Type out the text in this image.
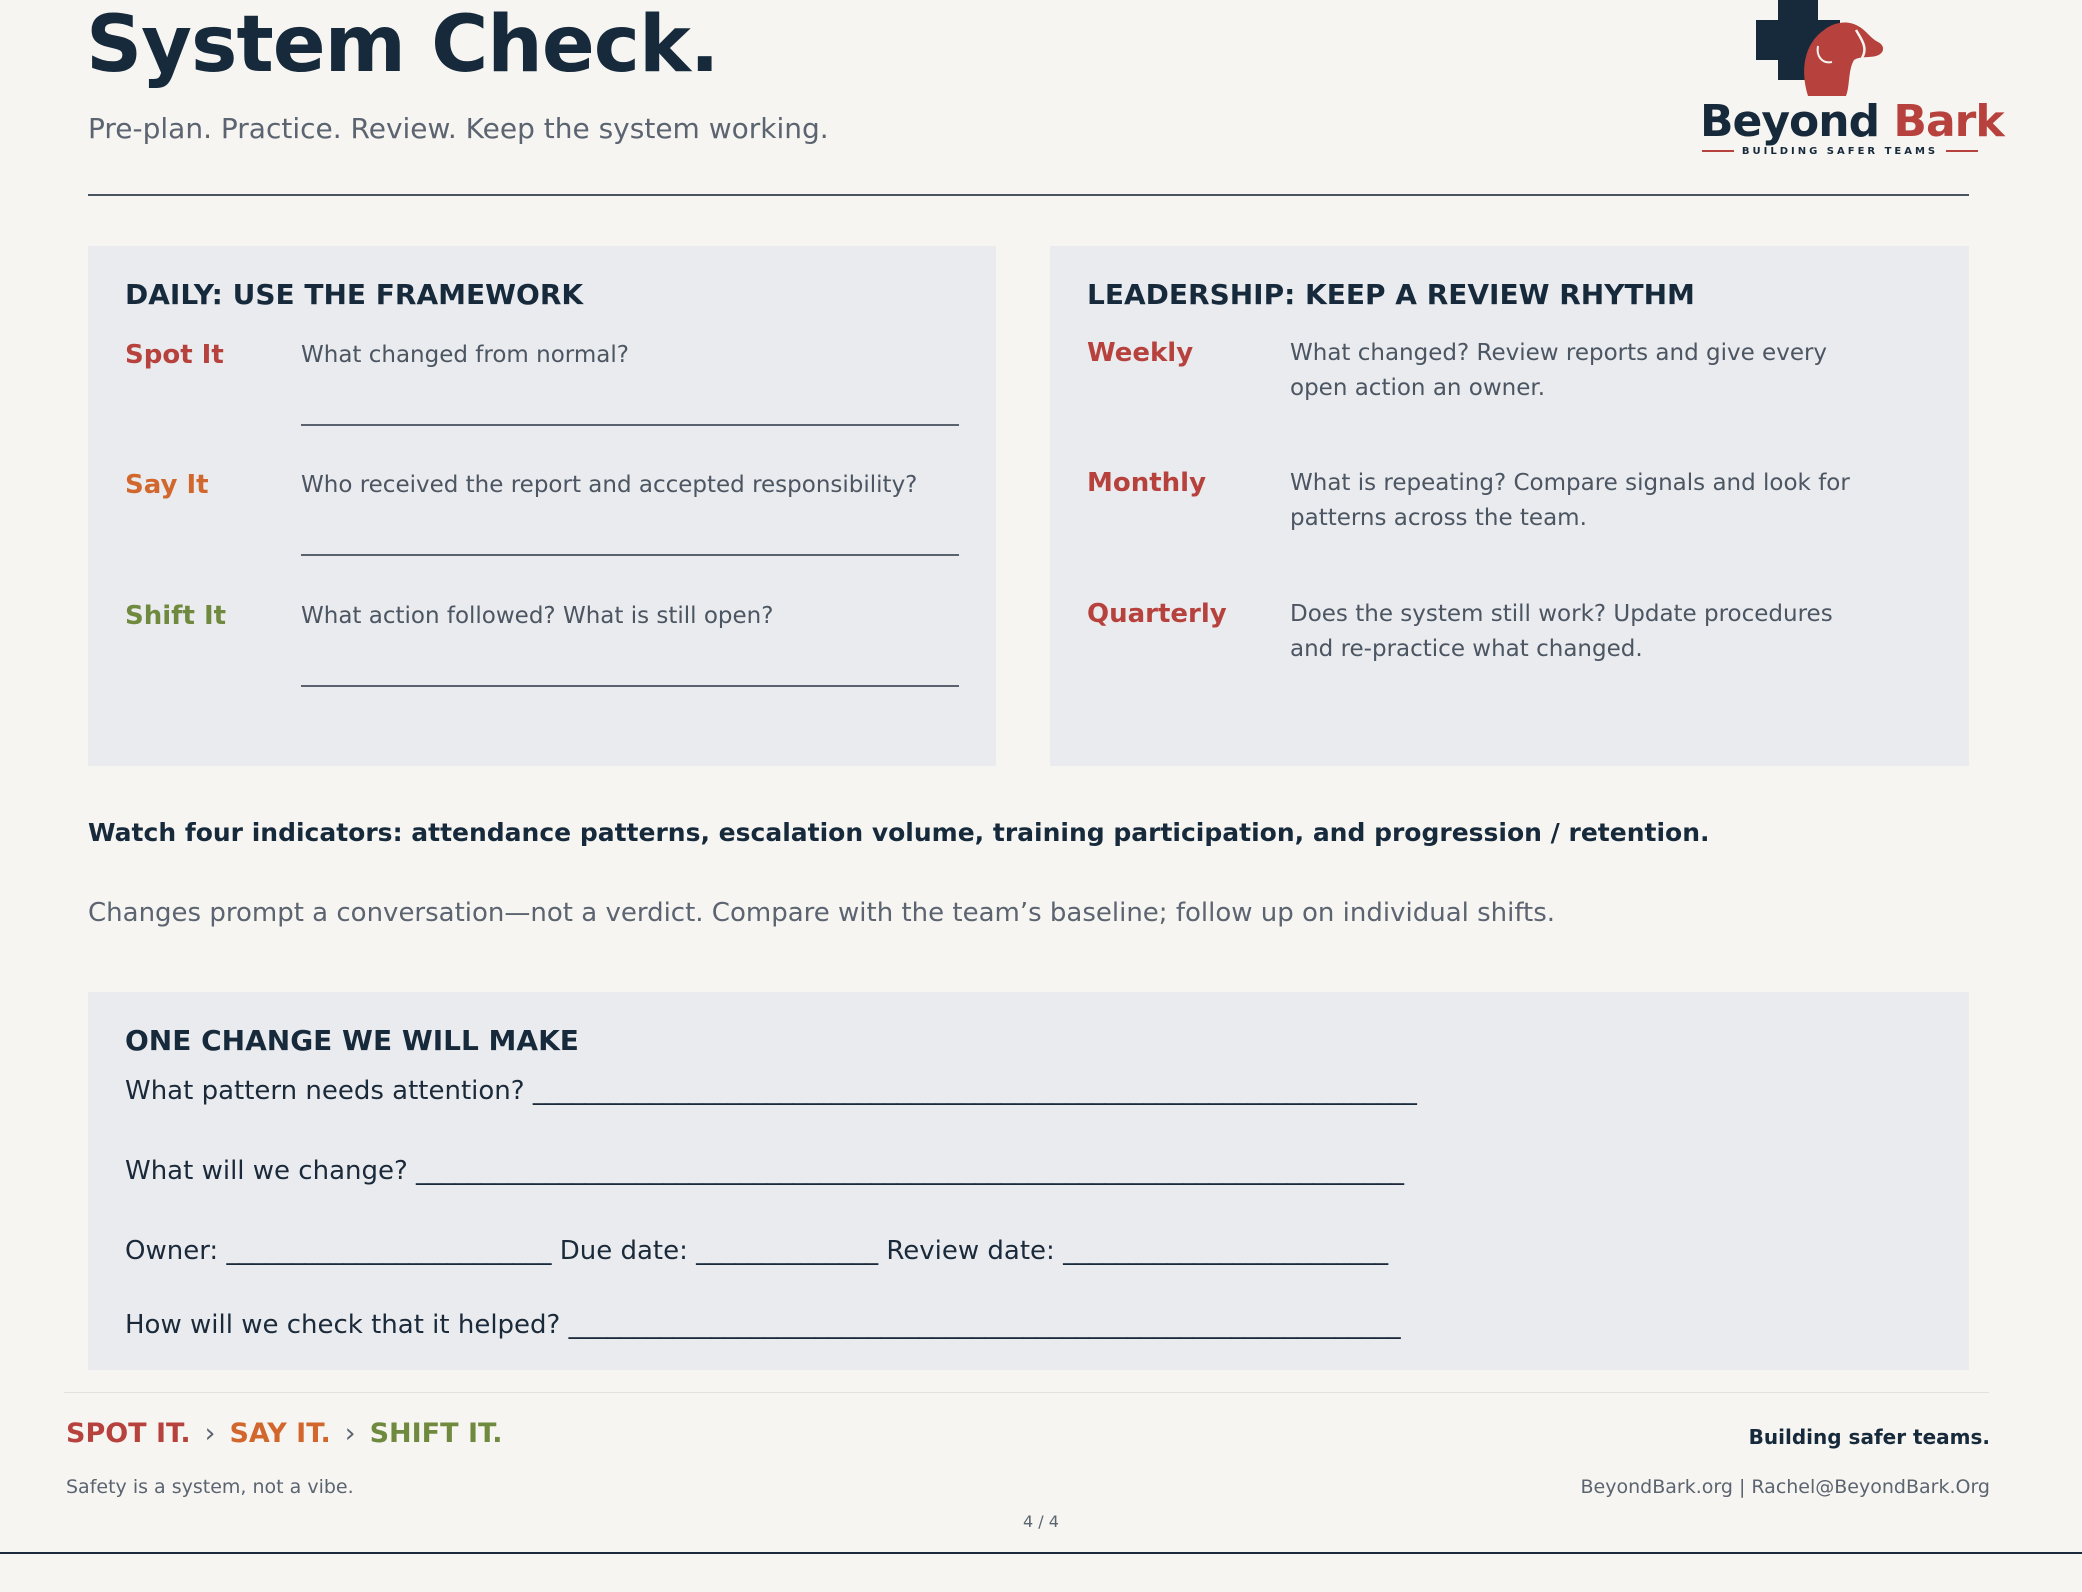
System Check.
Pre-plan. Practice. Review. Keep the system working.	Beyond Bark
BUILDING SAFER TEAMS
DAILY: USE THE FRAMEWORK
Spot It	What changed from normal?
Say It	Who received the report and accepted responsibility?
Shift It	What action followed? What is still open?
LEADERSHIP: KEEP A REVIEW RHYTHM
Weekly	What changed? Review reports and give every
open action an owner.
Monthly	What is repeating? Compare signals and look for
patterns across the team.
Quarterly	Does the system still work? Update procedures
and re-practice what changed.
Watch four indicators: attendance patterns, escalation volume, training participation, and progression / retention.
Changes prompt a conversation—not a verdict. Compare with the team’s baseline; follow up on individual shifts.
ONE CHANGE WE WILL MAKE
What pattern needs attention? ____________________________________________________________________
What will we change? ____________________________________________________________________________
Owner: _________________________ Due date: ______________ Review date: _________________________
How will we check that it helped? ________________________________________________________________
SPOT IT. › SAY IT. › SHIFT IT.	Building safer teams.
Safety is a system, not a vibe.	BeyondBark.org | Rachel@BeyondBark.Org
4 / 4
